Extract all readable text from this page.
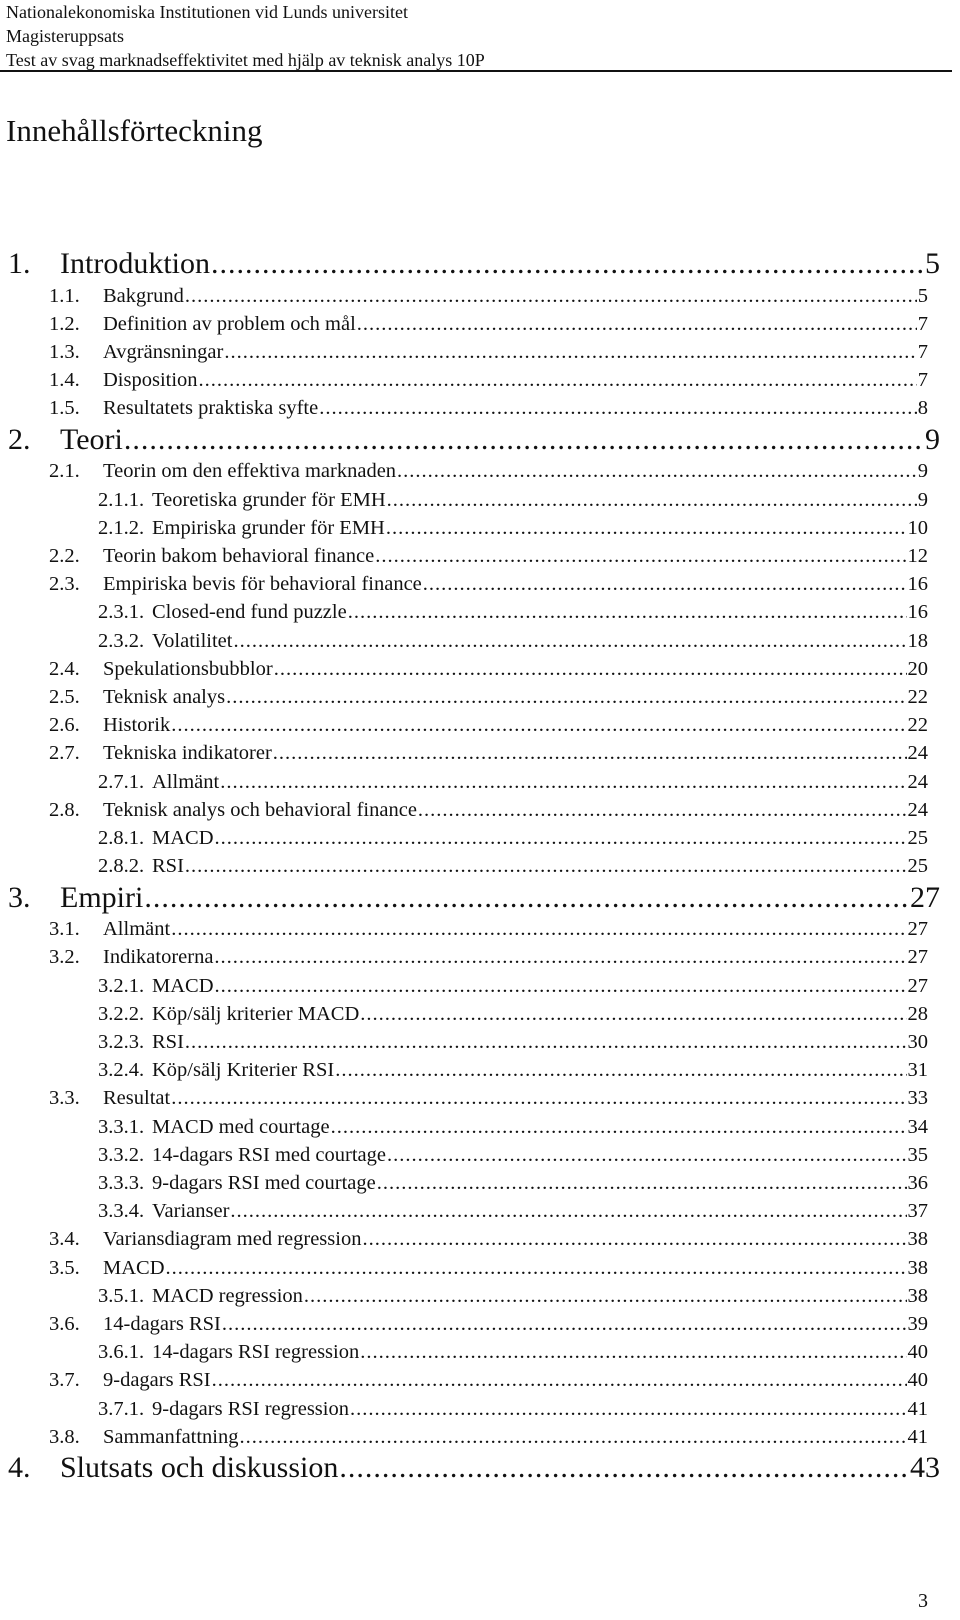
Nationalekonomiska Institutionen vid Lunds universitet
Magisteruppsats
Test av svag marknadseffektivitet med hjälp av teknisk analys 10P
Innehållsförteckning
1. Introduktion .....	5
1.1.	Bakgrund .....	5
1.2.	Definition av problem och mål .....	7
1.3.	Avgränsningar .....	7
1.4.	Disposition .....	7
1.5.	Resultatets praktiska syfte .....	8
2. Teori .....	9
2.1.	Teorin om den effektiva marknaden .....	9
2.1.1. Teoretiska grunder för EMH .....	9
2.1.2. Empiriska grunder för EMH .....	10
2.2.	Teorin bakom behavioral finance .....	12
2.3.	Empiriska bevis för behavioral finance .....	16
2.3.1. Closed-end fund puzzle .....	16
2.3.2. Volatilitet .....	18
2.4.	Spekulationsbubblor .....	20
2.5.	Teknisk analys .....	22
2.6.	Historik .....	22
2.7.	Tekniska indikatorer .....	24
2.7.1. Allmänt .....	24
2.8.	Teknisk analys och behavioral finance .....	24
2.8.1. MACD .....	25
2.8.2. RSI .....	25
3. Empiri .....	27
3.1.	Allmänt .....	27
3.2.	Indikatorerna .....	27
3.2.1. MACD .....	27
3.2.2. Köp/sälj kriterier MACD .....	28
3.2.3. RSI .....	30
3.2.4. Köp/sälj Kriterier RSI .....	31
3.3.	Resultat .....	33
3.3.1. MACD med courtage .....	34
3.3.2. 14-dagars RSI med courtage .....	35
3.3.3. 9-dagars RSI med courtage .....	36
3.3.4. Varianser .....	37
3.4.	Variansdiagram med regression .....	38
3.5.	MACD .....	38
3.5.1. MACD regression .....	38
3.6.	14-dagars RSI .....	39
3.6.1. 14-dagars RSI regression .....	40
3.7.	9-dagars RSI .....	40
3.7.1. 9-dagars RSI regression .....	41
3.8.	Sammanfattning .....	41
4. Slutsats och diskussion .....	43
3
